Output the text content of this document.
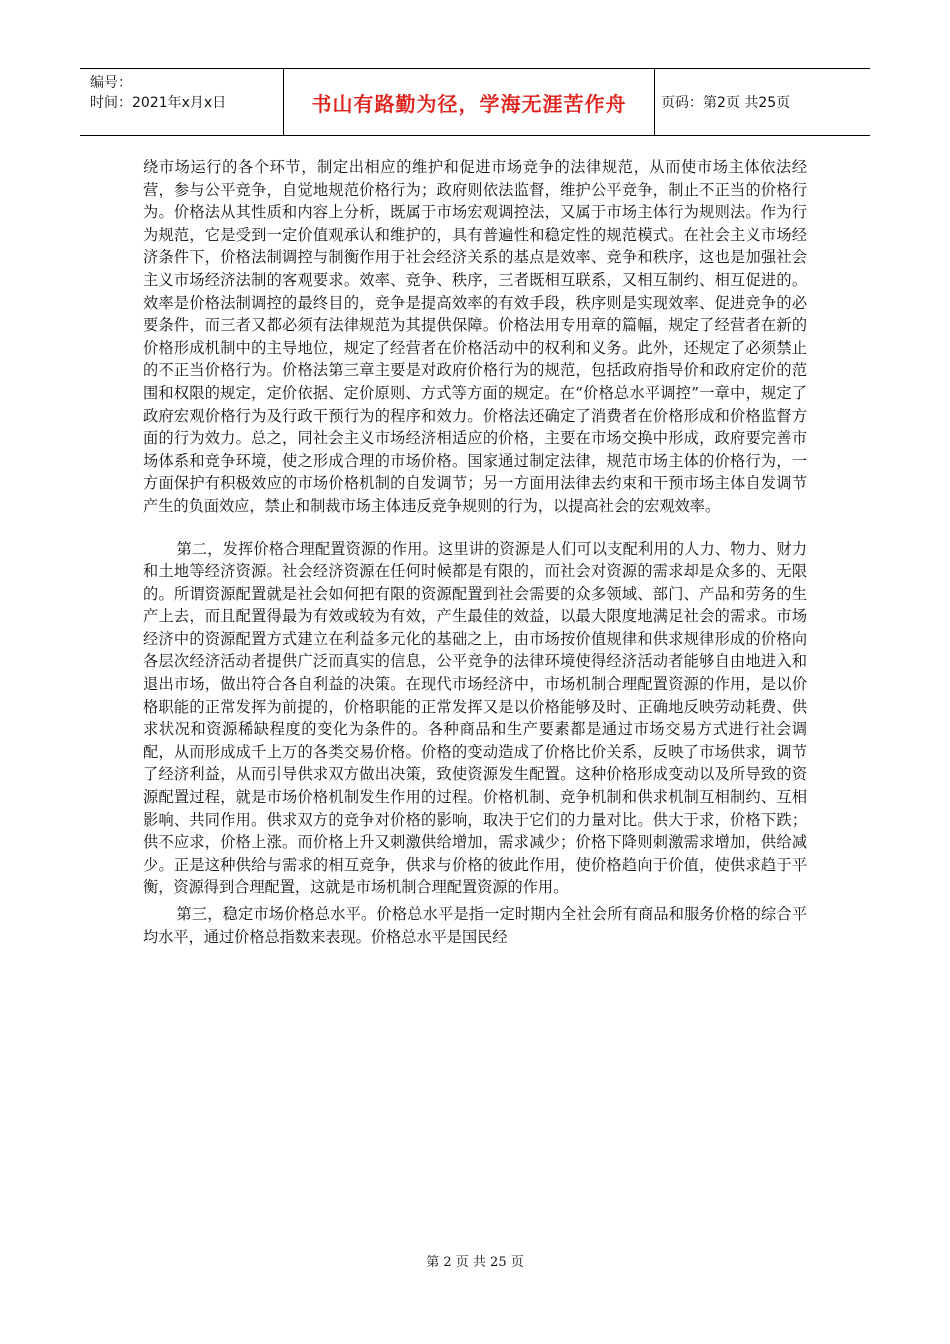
编号：
时间：2021年x月x日	书山有路勤为径，学海无涯苦作舟 页码：第2页 共25页

绕市场运行的各个环节，制定出相应的维护和促进市场竞争的法律规范，从而使市场主体依法经营，参与公平竞争，自觉地规范价格行为；政府则依法监督，维护公平竞争，制止不正当的价格行为。价格法从其性质和内容上分析，既属于市场宏观调控法，又属于市场主体行为规则法。作为行为规范，它是受到一定价值观承认和维护的，具有普遍性和稳定性的规范模式。在社会主义市场经济条件下，价格法制调控与制衡作用于社会经济关系的基点是效率、竞争和秩序，这也是加强社会主义市场经济法制的客观要求。效率、竞争、秩序，三者既相互联系，又相互制约、相互促进的。效率是价格法制调控的最终目的，竞争是提高效率的有效手段，秩序则是实现效率、促进竞争的必要条件，而三者又都必须有法律规范为其提供保障。价格法用专用章的篇幅，规定了经营者在新的价格形成机制中的主导地位，规定了经营者在价格活动中的权利和义务。此外，还规定了必须禁止的不正当价格行为。价格法第三章主要是对政府价格行为的规范，包括政府指导价和政府定价的范围和权限的规定，定价依据、定价原则、方式等方面的规定。在“价格总水平调控”一章中，规定了政府宏观价格行为及行政干预行为的程序和效力。价格法还确定了消费者在价格形成和价格监督方面的行为效力。总之，同社会主义市场经济相适应的价格，主要在市场交换中形成，政府要完善市场体系和竞争环境，使之形成合理的市场价格。国家通过制定法律，规范市场主体的价格行为，一方面保护有积极效应的市场价格机制的自发调节；另一方面用法律去约束和干预市场主体自发调节产生的负面效应，禁止和制裁市场主体违反竞争规则的行为，以提高社会的宏观效率。

第二，发挥价格合理配置资源的作用。这里讲的资源是人们可以支配利用的人力、物力、财力和土地等经济资源。社会经济资源在任何时候都是有限的，而社会对资源的需求却是众多的、无限的。所谓资源配置就是社会如何把有限的资源配置到社会需要的众多领域、部门、产品和劳务的生产上去，而且配置得最为有效或较为有效，产生最佳的效益，以最大限度地满足社会的需求。市场经济中的资源配置方式建立在利益多元化的基础之上，由市场按价值规律和供求规律形成的价格向各层次经济活动者提供广泛而真实的信息，公平竞争的法律环境使得经济活动者能够自由地进入和退出市场，做出符合各自利益的决策。在现代市场经济中，市场机制合理配置资源的作用，是以价格职能的正常发挥为前提的，价格职能的正常发挥又是以价格能够及时、正确地反映劳动耗费、供求状况和资源稀缺程度的变化为条件的。各种商品和生产要素都是通过市场交易方式进行社会调配，从而形成成千上万的各类交易价格。价格的变动造成了价格比价关系，反映了市场供求，调节了经济利益，从而引导供求双方做出决策，致使资源发生配置。这种价格形成变动以及所导致的资源配置过程，就是市场价格机制发生作用的过程。价格机制、竞争机制和供求机制互相制约、互相影响、共同作用。供求双方的竞争对价格的影响，取决于它们的力量对比。供大于求，价格下跌；供不应求，价格上涨。而价格上升又刺激供给增加，需求减少；价格下降则刺激需求增加，供给减少。正是这种供给与需求的相互竞争，供求与价格的彼此作用，使价格趋向于价值，使供求趋于平衡，资源得到合理配置，这就是市场机制合理配置资源的作用。

第三，稳定市场价格总水平。价格总水平是指一定时期内全社会所有商品和服务价格的综合平均水平，通过价格总指数来表现。价格总水平是国民经

第 2 页 共 25 页
